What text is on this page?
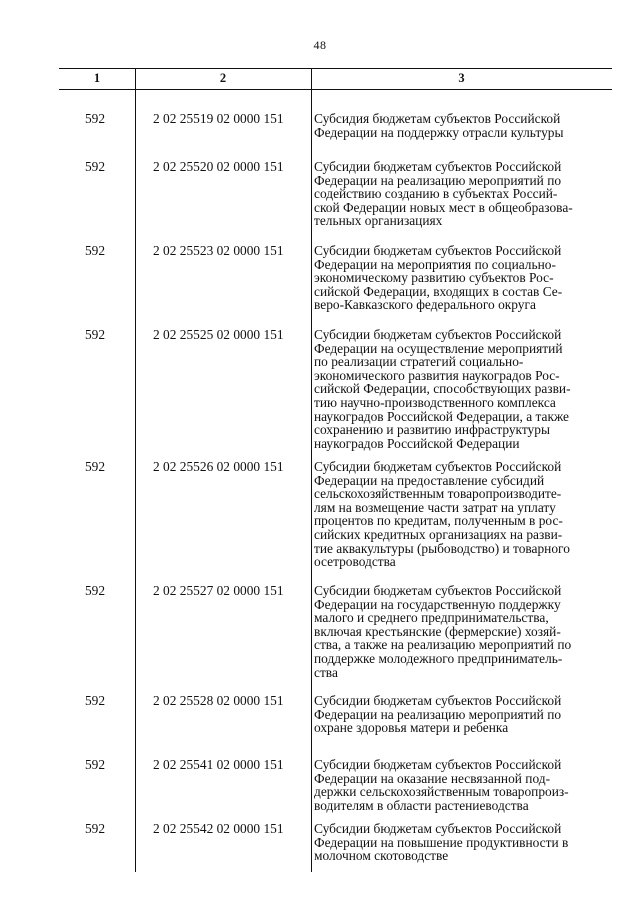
48
1	2	3
592	2 02 25519 02 0000 151	Субсидия бюджетам субъектов Российской
Федерации на поддержку отрасли культуры
592	2 02 25520 02 0000 151	Субсидии бюджетам субъектов Российской
Федерации на реализацию мероприятий по
содействию созданию в субъектах Россий-
ской Федерации новых мест в общеобразова-
тельных организациях
592	2 02 25523 02 0000 151	Субсидии бюджетам субъектов Российской
Федерации на мероприятия по социально-
экономическому развитию субъектов Рос-
сийской Федерации, входящих в состав Се-
веро-Кавказского федерального округа
592	2 02 25525 02 0000 151	Субсидии бюджетам субъектов Российской
Федерации на осуществление мероприятий
по реализации стратегий социально-
экономического развития наукоградов Рос-
сийской Федерации, способствующих разви-
тию научно-производственного комплекса
наукоградов Российской Федерации, а также
сохранению и развитию инфраструктуры
наукоградов Российской Федерации
592	2 02 25526 02 0000 151	Субсидии бюджетам субъектов Российской
Федерации на предоставление субсидий
сельскохозяйственным товаропроизводите-
лям на возмещение части затрат на уплату
процентов по кредитам, полученным в рос-
сийских кредитных организациях на разви-
тие аквакультуры (рыбоводство) и товарного
осетроводства
592	2 02 25527 02 0000 151	Субсидии бюджетам субъектов Российской
Федерации на государственную поддержку
малого и среднего предпринимательства,
включая крестьянские (фермерские) хозяй-
ства, а также на реализацию мероприятий по
поддержке молодежного предприниматель-
ства
592	2 02 25528 02 0000 151	Субсидии бюджетам субъектов Российской
Федерации на реализацию мероприятий по
охране здоровья матери и ребенка
592	2 02 25541 02 0000 151	Субсидии бюджетам субъектов Российской
Федерации на оказание несвязанной под-
держки сельскохозяйственным товаропроиз-
водителям в области растениеводства
592	2 02 25542 02 0000 151	Субсидии бюджетам субъектов Российской
Федерации на повышение продуктивности в
молочном скотоводстве
